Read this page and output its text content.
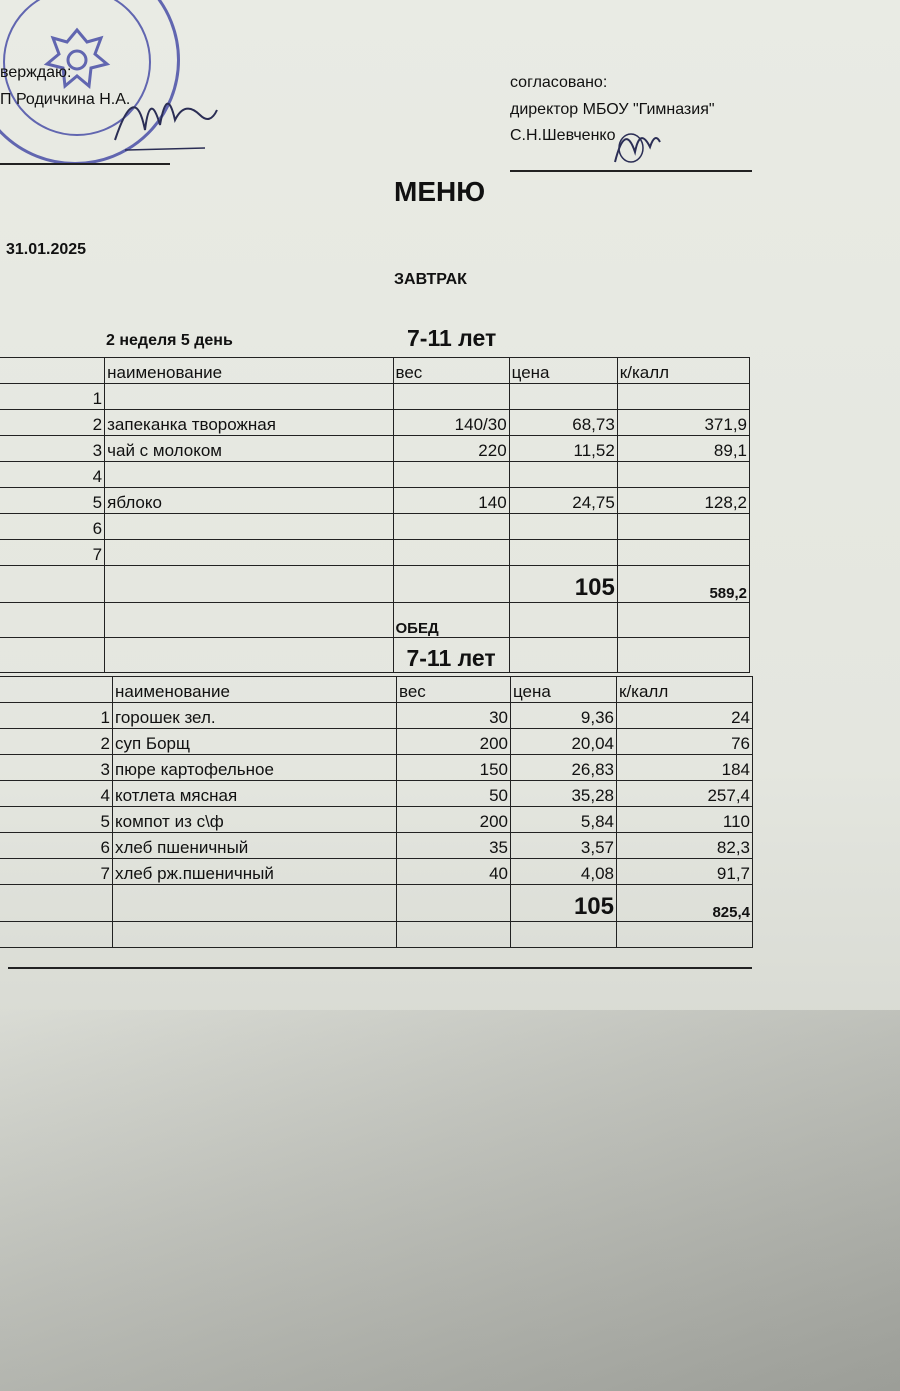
верждаю:
П Родичкина Н.А.
согласовано:
директор МБОУ "Гимназия"
С.Н.Шевченко
МЕНЮ
31.01.2025
ЗАВТРАК
2 неделя 5 день	7-11 лет
	наименование	вес	цена	к/калл
1				
2	запеканка творожная	140/30	68,73	371,9
3	чай с молоком	220	11,52	89,1
4				
5	яблоко	140	24,75	128,2
6				
7				
			105	589,2
		ОБЕД		
		7-11 лет		
	наименование	вес	цена	к/калл
1	горошек зел.	30	9,36	24
2	суп Борщ	200	20,04	76
3	пюре картофельное	150	26,83	184
4	котлета мясная	50	35,28	257,4
5	компот из с\ф	200	5,84	110
6	хлеб пшеничный	35	3,57	82,3
7	хлеб рж.пшеничный	40	4,08	91,7
			105	825,4
